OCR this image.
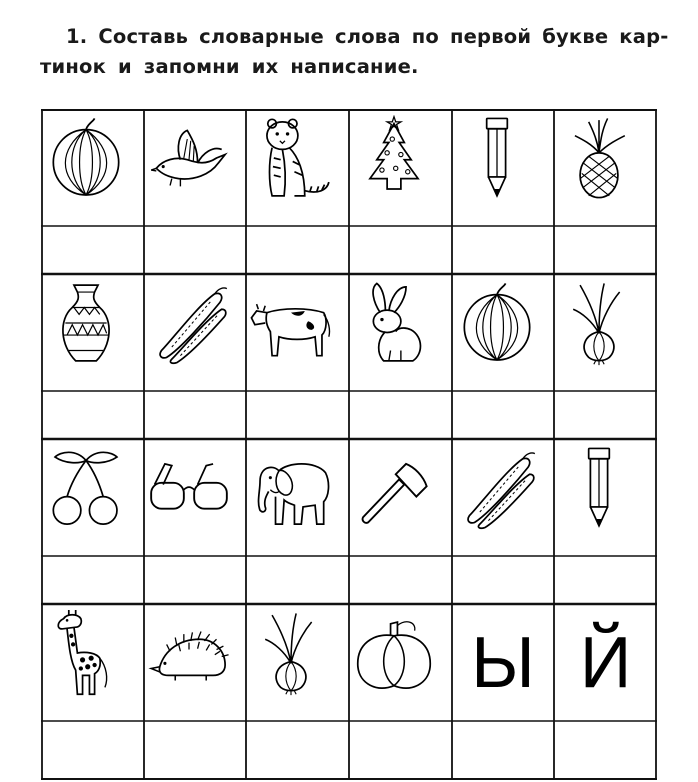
1. Составь словарные слова по первой букве кар-
тинок и запомни их написание.
Ы Й
